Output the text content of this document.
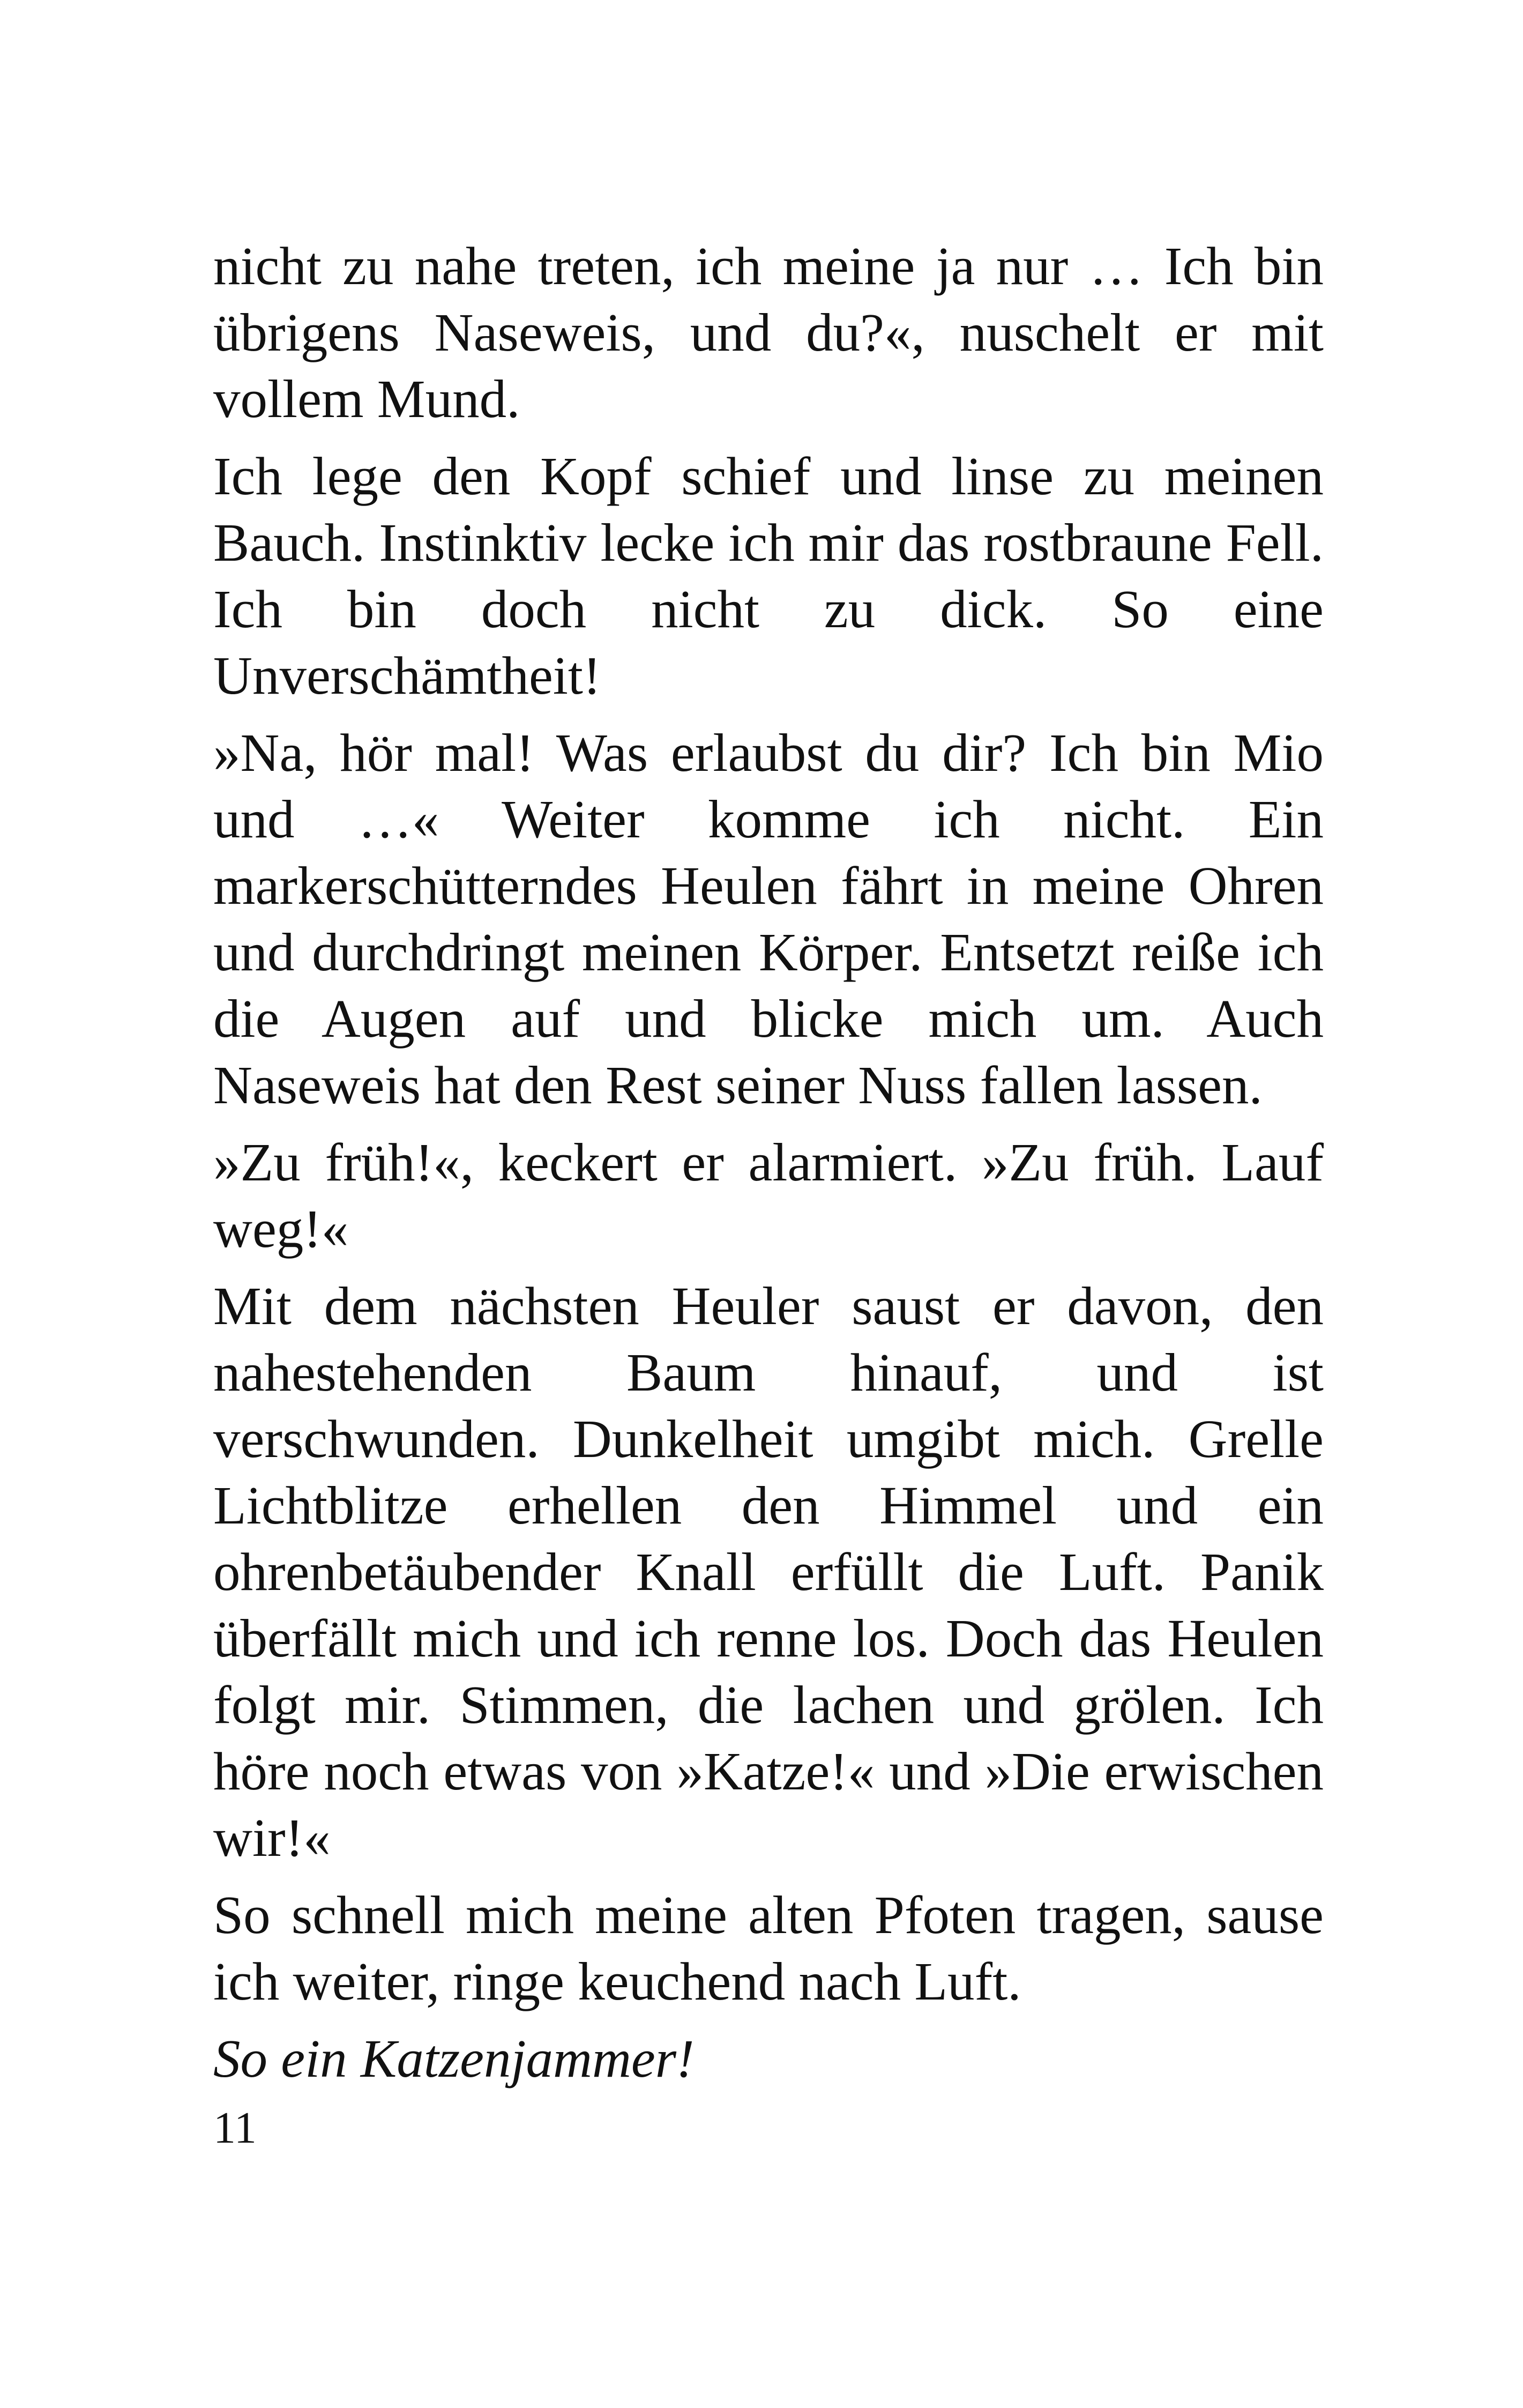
nicht zu nahe treten, ich meine ja nur … Ich bin übrigens Naseweis, und du?«, nuschelt er mit vollem Mund.

Ich lege den Kopf schief und linse zu meinen Bauch. Instinktiv lecke ich mir das rostbraune Fell. Ich bin doch nicht zu dick. So eine Unverschämtheit!

»Na, hör mal! Was erlaubst du dir? Ich bin Mio und …« Weiter komme ich nicht. Ein markerschütterndes Heulen fährt in meine Ohren und durchdringt meinen Körper. Entsetzt reiße ich die Augen auf und blicke mich um. Auch Naseweis hat den Rest seiner Nuss fallen lassen.

»Zu früh!«, keckert er alarmiert. »Zu früh. Lauf weg!«

Mit dem nächsten Heuler saust er davon, den nahestehenden Baum hinauf, und ist verschwunden. Dunkelheit umgibt mich. Grelle Lichtblitze erhellen den Himmel und ein ohrenbetäubender Knall erfüllt die Luft. Panik überfällt mich und ich renne los. Doch das Heulen folgt mir. Stimmen, die lachen und grölen. Ich höre noch etwas von »Katze!« und »Die erwischen wir!«

So schnell mich meine alten Pfoten tragen, sause ich weiter, ringe keuchend nach Luft.

So ein Katzenjammer!

11
